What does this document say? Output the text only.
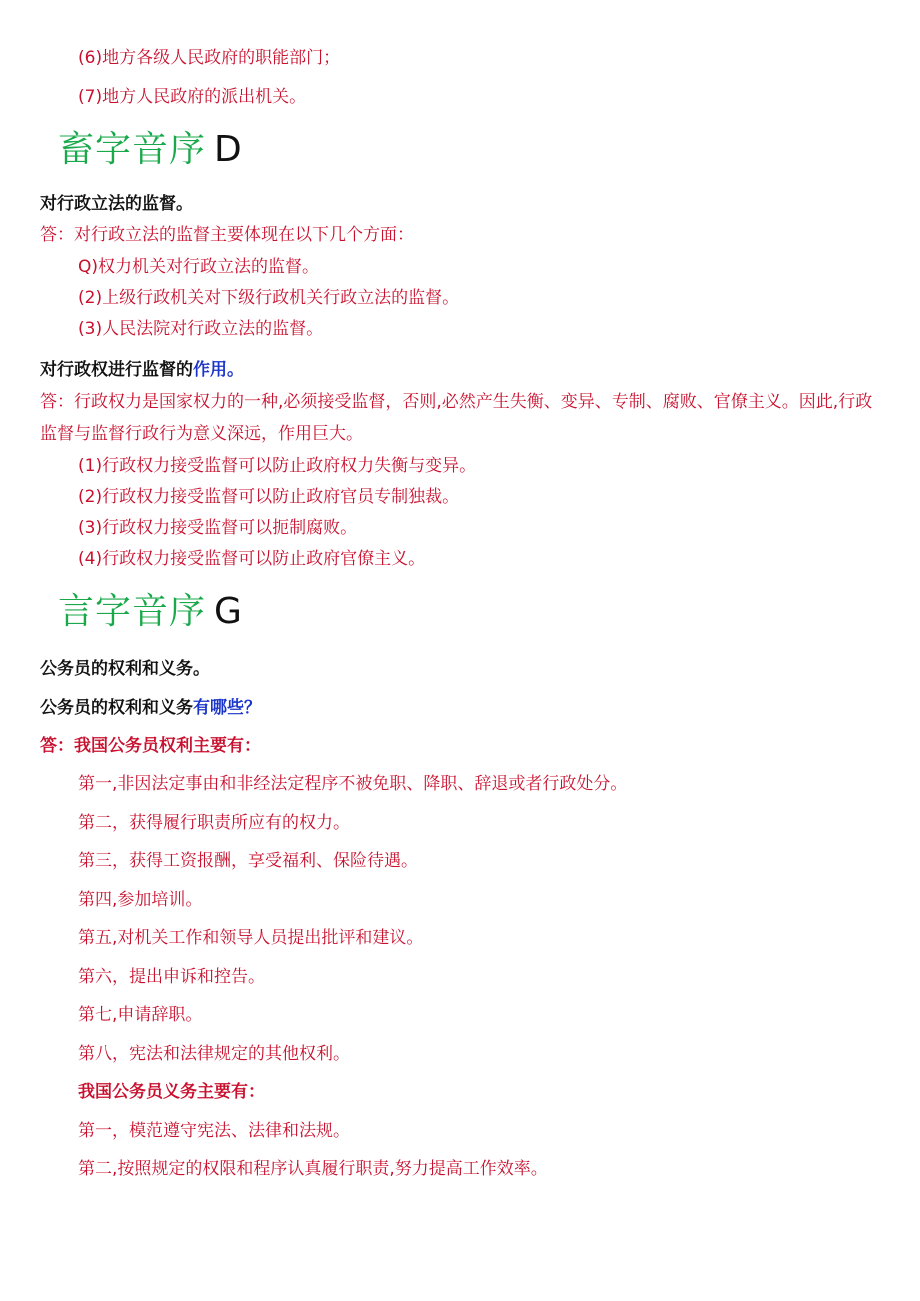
(6)地方各级人民政府的职能部门；
(7)地方人民政府的派出机关。
畜字音序 D
对行政立法的监督。
答：对行政立法的监督主要体现在以下几个方面：
Q)权力机关对行政立法的监督。
(2)上级行政机关对下级行政机关行政立法的监督。
(3)人民法院对行政立法的监督。
对行政权进行监督的作用。
答：行政权力是国家权力的一种,必须接受监督，否则,必然产生失衡、变异、专制、腐败、官僚主义。因此,行政监督与监督行政行为意义深远，作用巨大。
(1)行政权力接受监督可以防止政府权力失衡与变异。
(2)行政权力接受监督可以防止政府官员专制独裁。
(3)行政权力接受监督可以扼制腐败。
(4)行政权力接受监督可以防止政府官僚主义。
言字音序 G
公务员的权利和义务。
公务员的权利和义务有哪些？
答：我国公务员权利主要有：
第一,非因法定事由和非经法定程序不被免职、降职、辞退或者行政处分。
第二，获得履行职责所应有的权力。
第三，获得工资报酬，享受福利、保险待遇。
第四,参加培训。
第五,对机关工作和领导人员提出批评和建议。
第六，提出申诉和控告。
第七,申请辞职。
第八，宪法和法律规定的其他权利。
我国公务员义务主要有：
第一，模范遵守宪法、法律和法规。
第二,按照规定的权限和程序认真履行职责,努力提高工作效率。
